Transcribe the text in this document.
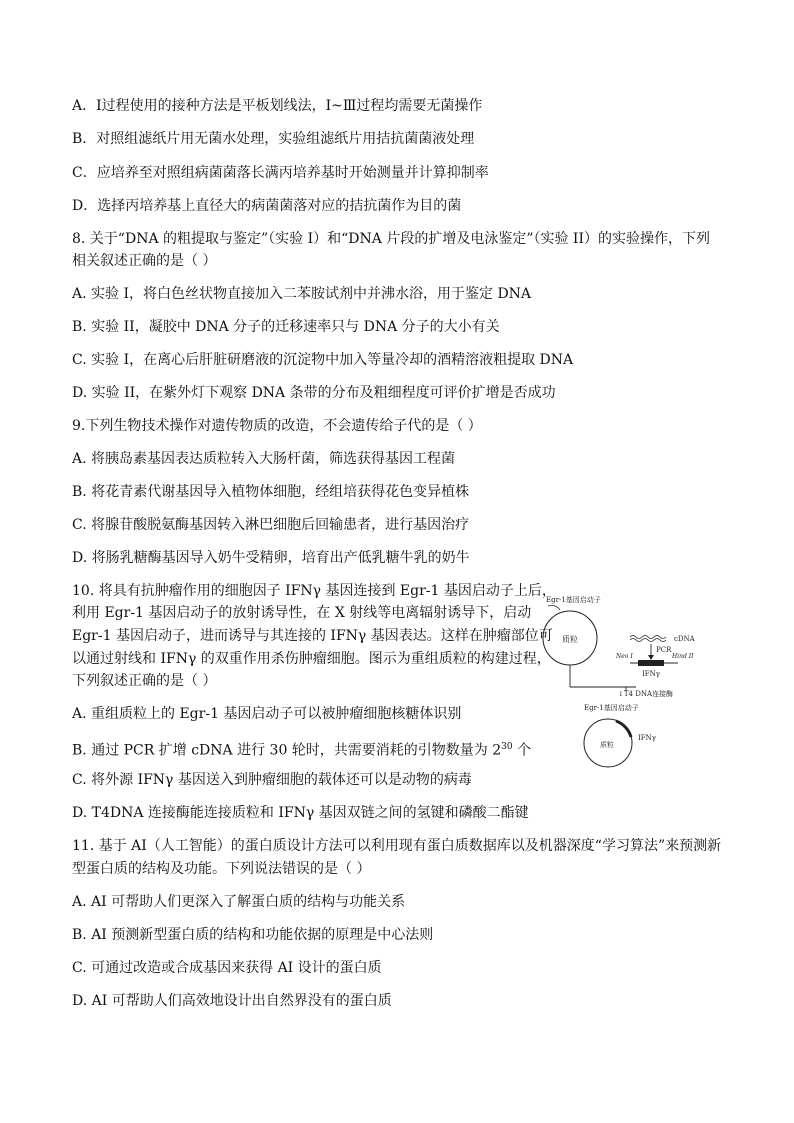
A．Ⅰ过程使用的接种方法是平板划线法，Ⅰ~Ⅲ过程均需要无菌操作
B．对照组滤纸片用无菌水处理，实验组滤纸片用拮抗菌菌液处理
C．应培养至对照组病菌菌落长满丙培养基时开始测量并计算抑制率
D．选择丙培养基上直径大的病菌菌落对应的拮抗菌作为目的菌
8. 关于“DNA 的粗提取与鉴定”（实验 I）和“DNA 片段的扩增及电泳鉴定”（实验 II）的实验操作，下列
相关叙述正确的是（ ）
A. 实验 I，将白色丝状物直接加入二苯胺试剂中并沸水浴，用于鉴定 DNA
B. 实验 II，凝胶中 DNA 分子的迁移速率只与 DNA 分子的大小有关
C. 实验 I，在离心后肝脏研磨液的沉淀物中加入等量冷却的酒精溶液粗提取 DNA
D. 实验 II，在紫外灯下观察 DNA 条带的分布及粗细程度可评价扩增是否成功
9.下列生物技术操作对遗传物质的改造，不会遗传给子代的是（ ）
A. 将胰岛素基因表达质粒转入大肠杆菌，筛选获得基因工程菌
B. 将花青素代谢基因导入植物体细胞，经组培获得花色变异植株
C. 将腺苷酸脱氨酶基因转入淋巴细胞后回输患者，进行基因治疗
D. 将肠乳糖酶基因导入奶牛受精卵，培育出产低乳糖牛乳的奶牛
10. 将具有抗肿瘤作用的细胞因子 IFNγ 基因连接到 Egr-1 基因启动子上后，
利用 Egr-1 基因启动子的放射诱导性，在 X 射线等电离辐射诱导下，启动
Egr-1 基因启动子，进而诱导与其连接的 IFNγ 基因表达。这样在肿瘤部位可
以通过射线和 IFNγ 的双重作用杀伤肿瘤细胞。图示为重组质粒的构建过程，
下列叙述正确的是（ ）
A. 重组质粒上的 Egr-1 基因启动子可以被肿瘤细胞核糖体识别
B. 通过 PCR 扩增 cDNA 进行 30 轮时，共需要消耗的引物数量为 $2^{30}$ 个
C. 将外源 IFNγ 基因送入到肿瘤细胞的载体还可以是动物的病毒
D. T4DNA 连接酶能连接质粒和 IFNγ 基因双链之间的氢键和磷酸二酯键
Egr-1基因启动子
质粒	cDNA
PCR
Neo I	Hind II
IFNγ
↓T4 DNA连接酶
Egr-1基因启动子
质粒
IFNγ
11. 基于 AI（人工智能）的蛋白质设计方法可以利用现有蛋白质数据库以及机器深度“学习算法”来预测新
型蛋白质的结构及功能。下列说法错误的是（ ）
A. AI 可帮助人们更深入了解蛋白质的结构与功能关系
B. AI 预测新型蛋白质的结构和功能依据的原理是中心法则
C. 可通过改造或合成基因来获得 AI 设计的蛋白质
D. AI 可帮助人们高效地设计出自然界没有的蛋白质
